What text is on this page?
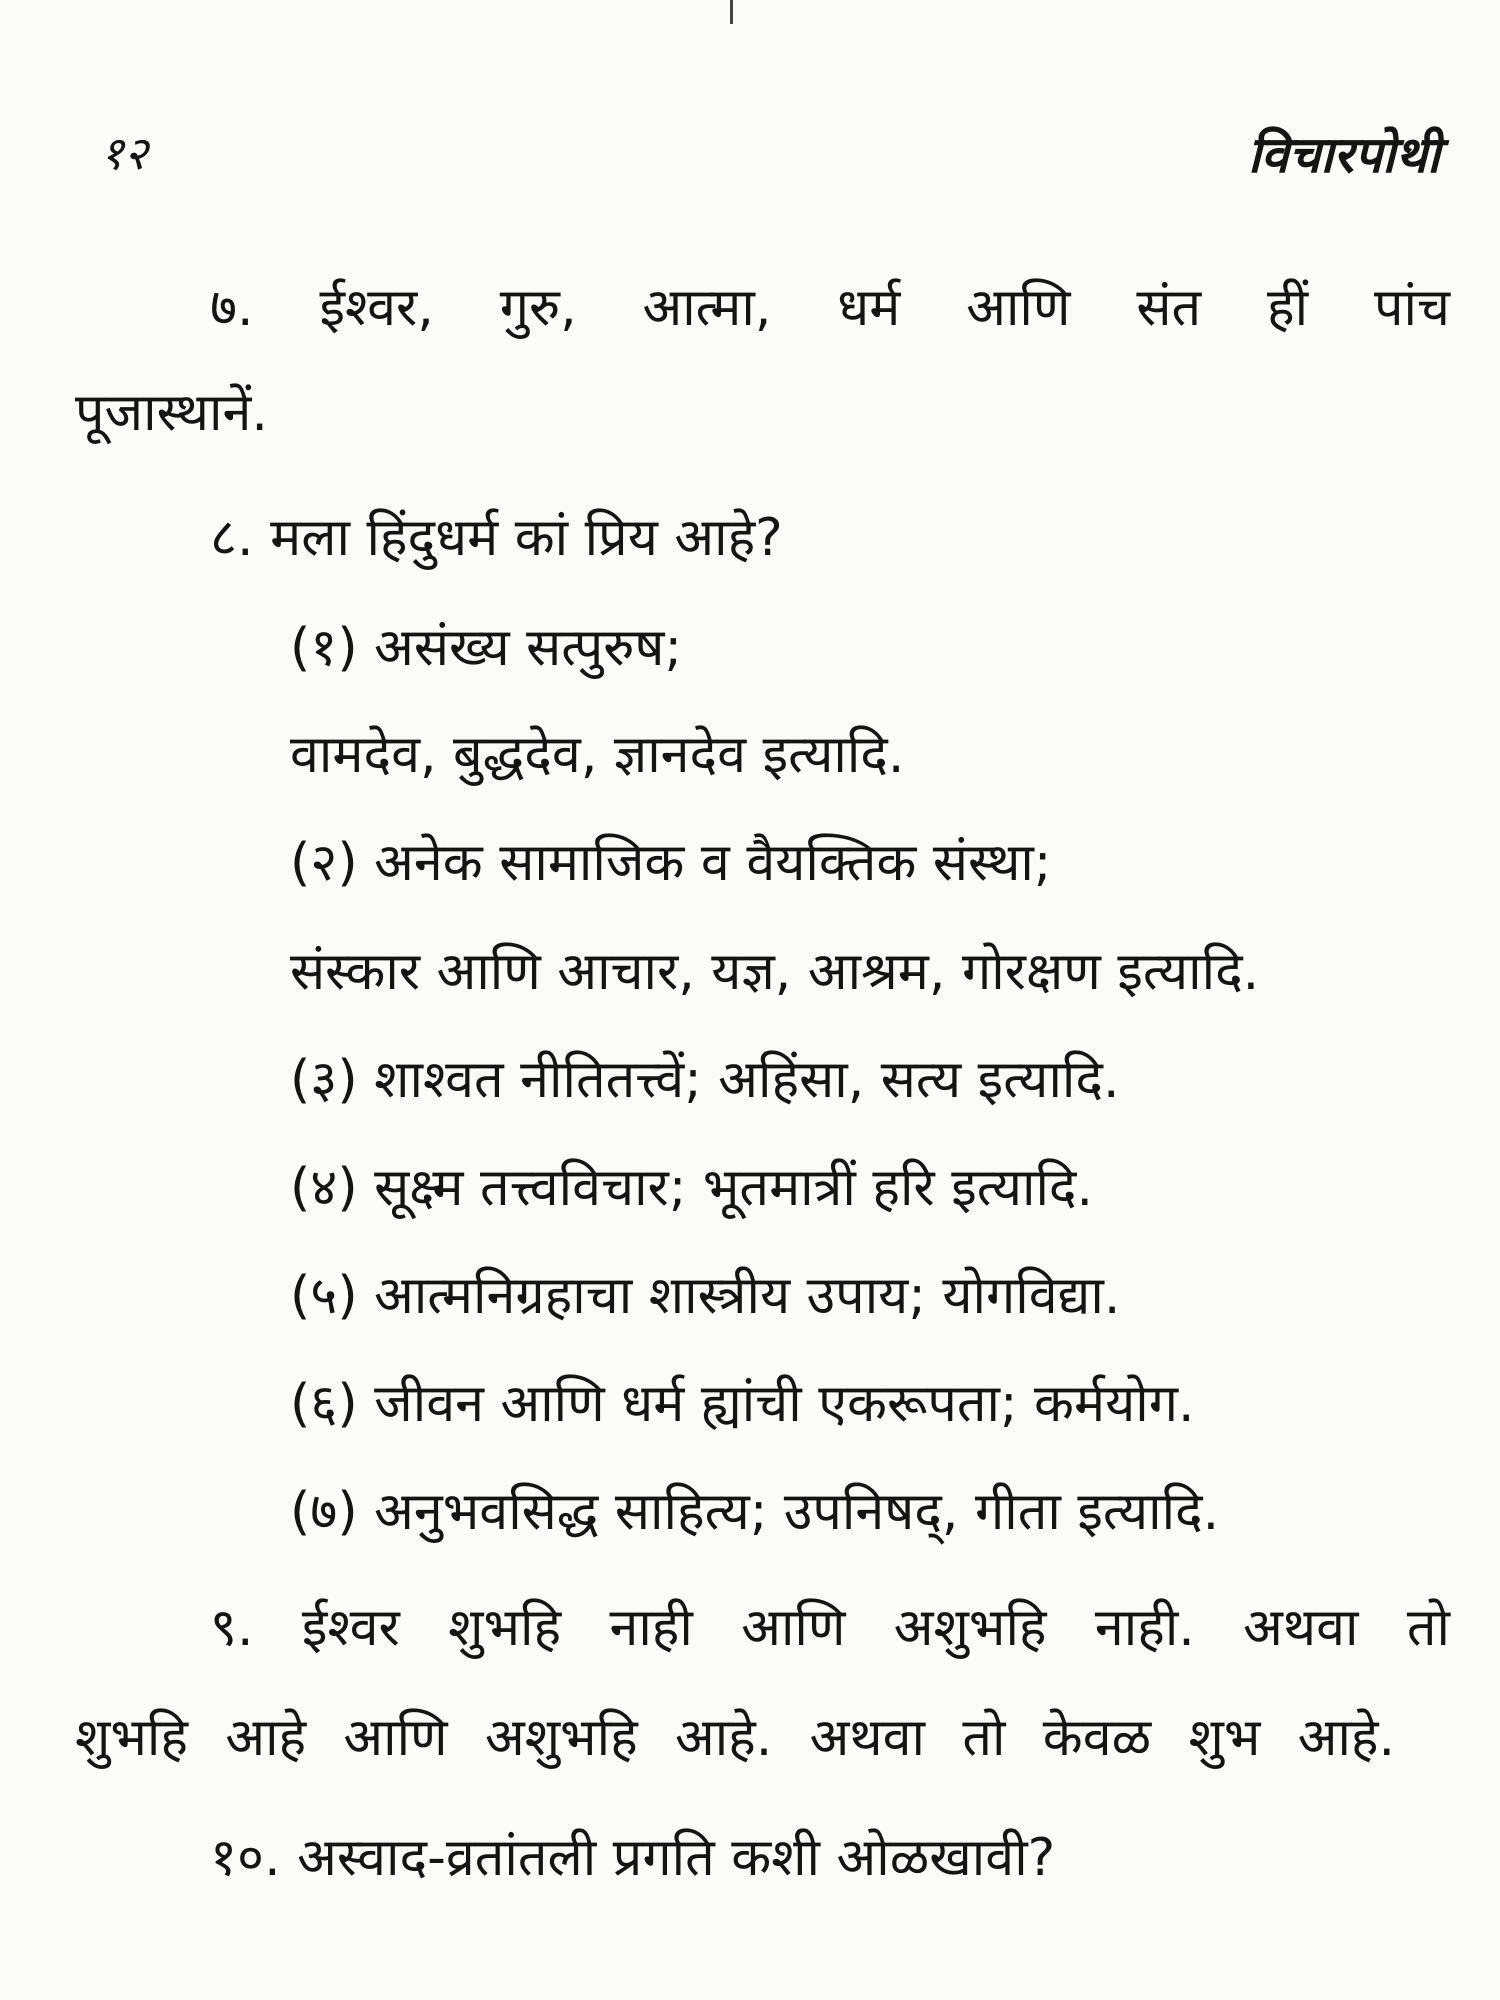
१२	विचारपोथी
७. ईश्वर, गुरु, आत्मा, धर्म आणि संत हीं पांच
पूजास्थानें.
८. मला हिंदुधर्म कां प्रिय आहे?
(१) असंख्य सत्पुरुष;
वामदेव, बुद्धदेव, ज्ञानदेव इत्यादि.
(२) अनेक सामाजिक व वैयक्तिक संस्था;
संस्कार आणि आचार, यज्ञ, आश्रम, गोरक्षण इत्यादि.
(३) शाश्वत नीतितत्त्वें; अहिंसा, सत्य इत्यादि.
(४) सूक्ष्म तत्त्वविचार; भूतमात्रीं हरि इत्यादि.
(५) आत्मनिग्रहाचा शास्त्रीय उपाय; योगविद्या.
(६) जीवन आणि धर्म ह्यांची एकरूपता; कर्मयोग.
(७) अनुभवसिद्ध साहित्य; उपनिषद्, गीता इत्यादि.
९. ईश्वर शुभहि नाही आणि अशुभहि नाही. अथवा तो
शुभहि आहे आणि अशुभहि आहे. अथवा तो केवळ शुभ आहे.
१०. अस्वाद-व्रतांतली प्रगति कशी ओळखावी?
